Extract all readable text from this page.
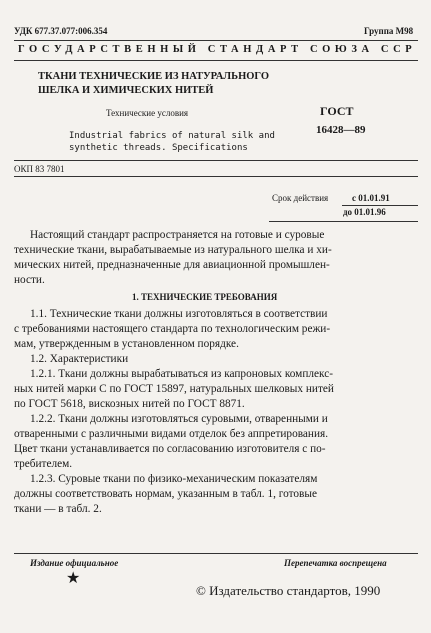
УДК 677.37.077:006.354	Группа М98
ГОСУДАРСТВЕННЫЙ СТАНДАРТ СОЮЗА ССР
ТКАНИ ТЕХНИЧЕСКИЕ ИЗ НАТУРАЛЬНОГО
ШЕЛКА И ХИМИЧЕСКИХ НИТЕЙ
Технические условия
Industrial fabrics of natural silk and
synthetic threads. Specifications
ГОСТ
16428—89
ОКП 83 7801
Срок действия	с 01.01.91
до 01.01.96
Настоящий стандарт распространяется на готовые и суровые
технические ткани, вырабатываемые из натурального шелка и хи-
мических нитей, предназначенные для авиационной промышлен-
ности.
1. ТЕХНИЧЕСКИЕ ТРЕБОВАНИЯ
1.1. Технические ткани должны изготовляться в соответствии
с требованиями настоящего стандарта по технологическим режи-
мам, утвержденным в установленном порядке.
1.2. Характеристики
1.2.1. Ткани должны вырабатываться из капроновых комплекс-
ных нитей марки С по ГОСТ 15897, натуральных шелковых нитей
по ГОСТ 5618, вискозных нитей по ГОСТ 8871.
1.2.2. Ткани должны изготовляться суровыми, отваренными и
отваренными с различными видами отделок без аппретирования.
Цвет ткани устанавливается по согласованию изготовителя с по-
требителем.
1.2.3. Суровые ткани по физико-механическим показателям
должны соответствовать нормам, указанным в табл. 1, готовые
ткани — в табл. 2.
Издание официальное	Перепечатка воспрещена
★
© Издательство стандартов, 1990
